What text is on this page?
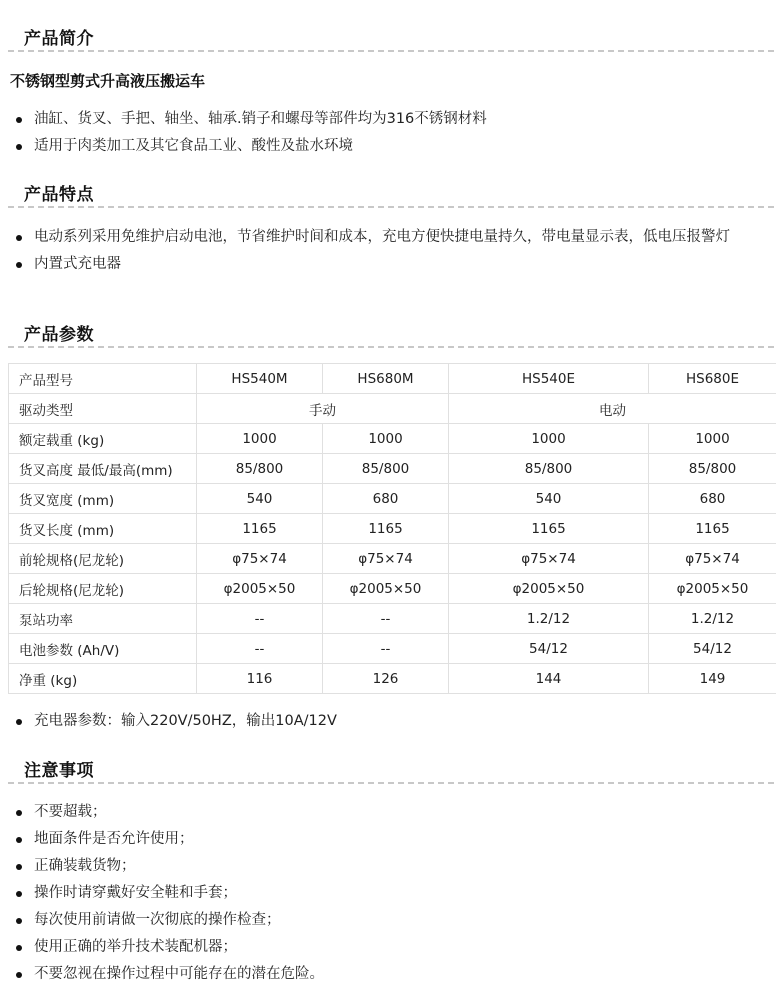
产品简介
不锈钢型剪式升高液压搬运车
油缸、货叉、手把、轴坐、轴承.销子和螺母等部件均为316不锈钢材料
适用于肉类加工及其它食品工业、酸性及盐水环境
产品特点
电动系列采用免维护启动电池，节省维护时间和成本，充电方便快捷电量持久，带电量显示表，低电压报警灯
内置式充电器
产品参数
产品型号	HS540M	HS680M	HS540E	HS680E
驱动类型	手动		电动	
额定载重 (kg)	1000	1000	1000	1000
货叉高度 最低/最高(mm)	85/800	85/800	85/800	85/800
货叉宽度 (mm)	540	680	540	680
货叉长度 (mm)	1165	1165	1165	1165
前轮规格(尼龙轮)	φ75×74	φ75×74	φ75×74	φ75×74
后轮规格(尼龙轮)	φ2005×50	φ2005×50	φ2005×50	φ2005×50
泵站功率	--	--	1.2/12	1.2/12
电池参数 (Ah/V)	--	--	54/12	54/12
净重 (kg)	116	126	144	149
充电器参数：输入220V/50HZ，输出10A/12V
注意事项
不要超载；
地面条件是否允许使用；
正确装载货物；
操作时请穿戴好安全鞋和手套；
每次使用前请做一次彻底的操作检查；
使用正确的举升技术装配机器；
不要忽视在操作过程中可能存在的潜在危险。
